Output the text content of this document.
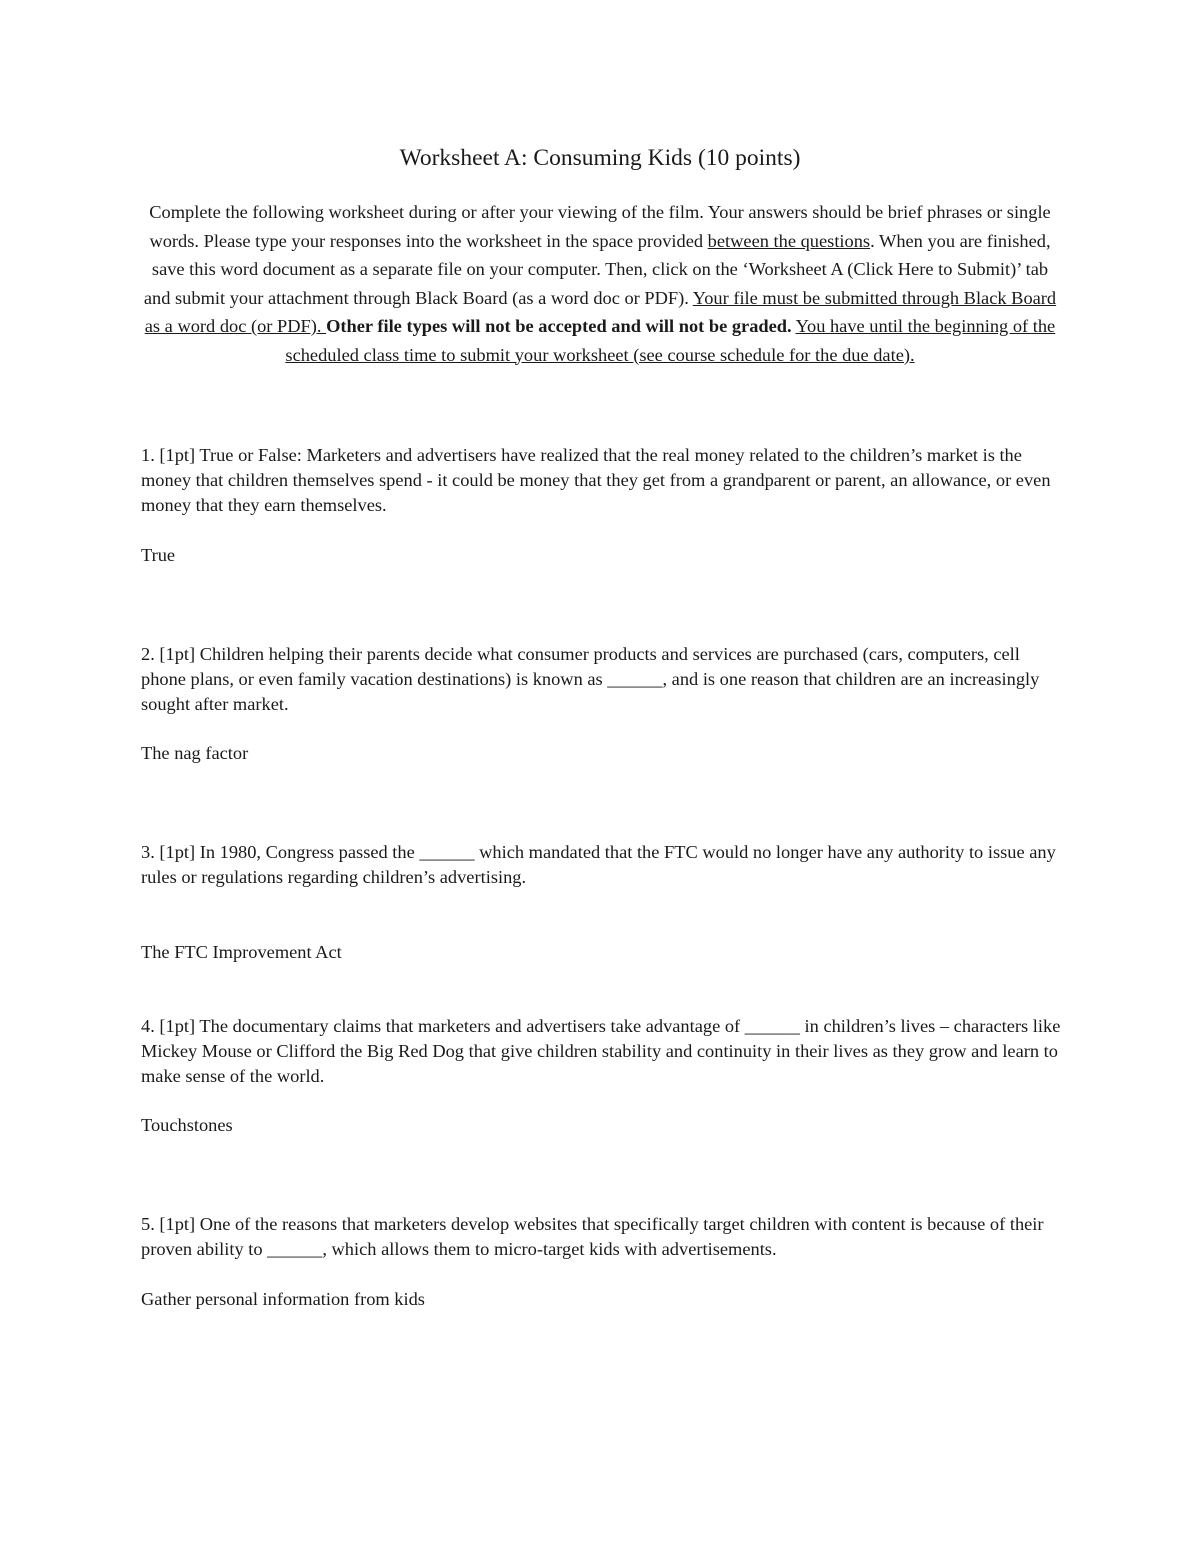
Worksheet A: Consuming Kids (10 points)

Complete the following worksheet during or after your viewing of the film. Your answers should be brief phrases or single words. Please type your responses into the worksheet in the space provided between the questions. When you are finished, save this word document as a separate file on your computer. Then, click on the ‘Worksheet A (Click Here to Submit)’ tab and submit your attachment through Black Board (as a word doc or PDF). Your file must be submitted through Black Board as a word doc (or PDF). Other file types will not be accepted and will not be graded. You have until the beginning of the scheduled class time to submit your worksheet (see course schedule for the due date).

1. [1pt] True or False: Marketers and advertisers have realized that the real money related to the children’s market is the money that children themselves spend - it could be money that they get from a grandparent or parent, an allowance, or even money that they earn themselves.

True

2. [1pt] Children helping their parents decide what consumer products and services are purchased (cars, computers, cell phone plans, or even family vacation destinations) is known as ______, and is one reason that children are an increasingly sought after market.

The nag factor

3. [1pt] In 1980, Congress passed the ______ which mandated that the FTC would no longer have any authority to issue any rules or regulations regarding children’s advertising.

The FTC Improvement Act

4. [1pt] The documentary claims that marketers and advertisers take advantage of ______ in children’s lives – characters like Mickey Mouse or Clifford the Big Red Dog that give children stability and continuity in their lives as they grow and learn to make sense of the world.

Touchstones

5. [1pt] One of the reasons that marketers develop websites that specifically target children with content is because of their proven ability to ______, which allows them to micro-target kids with advertisements.

Gather personal information from kids
